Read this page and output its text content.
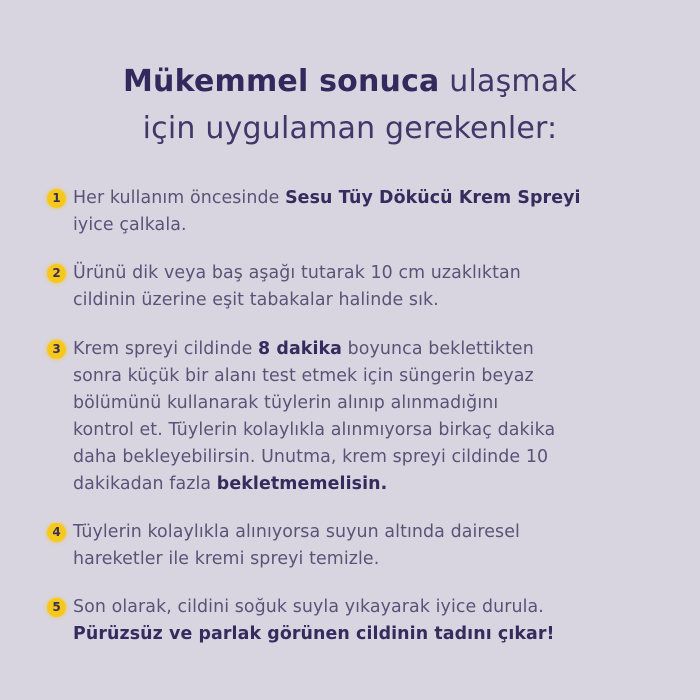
Mükemmel sonuca ulaşmak
için uygulaman gerekenler:
1 Her kullanım öncesinde Sesu Tüy Dökücü Krem Spreyi
iyice çalkala.
2 Ürünü dik veya baş aşağı tutarak 10 cm uzaklıktan
cildinin üzerine eşit tabakalar halinde sık.
3 Krem spreyi cildinde 8 dakika boyunca beklettikten
sonra küçük bir alanı test etmek için süngerin beyaz
bölümünü kullanarak tüylerin alınıp alınmadığını
kontrol et. Tüylerin kolaylıkla alınmıyorsa birkaç dakika
daha bekleyebilirsin. Unutma, krem spreyi cildinde 10
dakikadan fazla bekletmemelisin.
4 Tüylerin kolaylıkla alınıyorsa suyun altında dairesel
hareketler ile kremi spreyi temizle.
5 Son olarak, cildini soğuk suyla yıkayarak iyice durula.
Pürüzsüz ve parlak görünen cildinin tadını çıkar!
